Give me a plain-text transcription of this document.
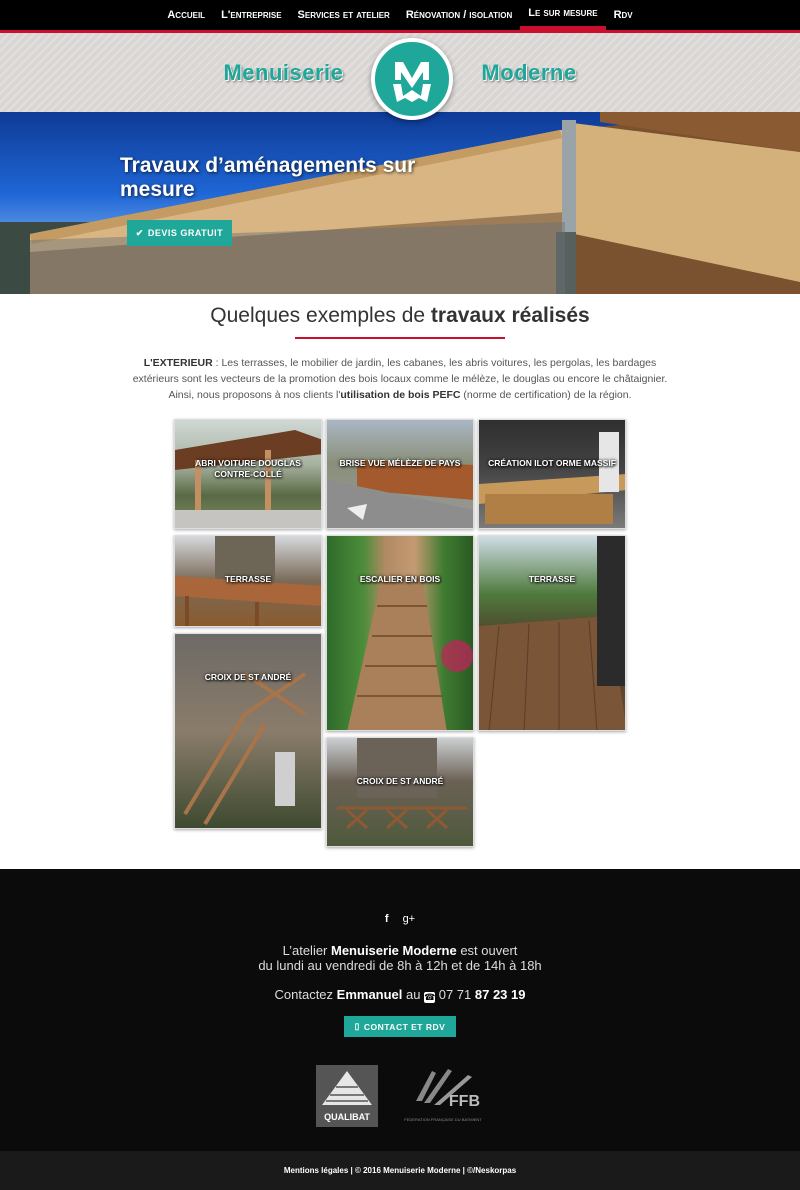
Accueil	L'entreprise	Services et atelier	Rénovation / isolation	Le sur mesure	Rdv
Menuiserie	Moderne
Travaux d’aménagements sur mesure
✔ DEVIS GRATUIT
Quelques exemples de travaux réalisés

L'EXTERIEUR : Les terrasses, le mobilier de jardin, les cabanes, les abris voitures, les pergolas, les bardages extérieurs sont les vecteurs de la promotion des bois locaux comme le mélèze, le douglas ou encore le châtaignier. Ainsi, nous proposons à nos clients l'utilisation de bois PEFC (norme de certification) de la région.

ABRI VOITURE DOUGLAS CONTRE-COLLÉ
BRISE VUE MÉLÈZE DE PAYS	CRÉATION ILOT ORME MASSIF
TERRASSE	ESCALIER EN BOIS	TERRASSE
CROIX DE ST ANDRÉ
CROIX DE ST ANDRÉ
f g+

L’atelier Menuiserie Moderne est ouvert
du lundi au vendredi de 8h à 12h et de 14h à 18h

Contactez Emmanuel au ☎ 07 71 87 23 19

▯ CONTACT ET RDV
QUALIBAT
FFB
FEDERATION FRANÇAISE DU BATIMENT
Mentions légales | © 2016 Menuiserie Moderne | ©/Neskorpas
